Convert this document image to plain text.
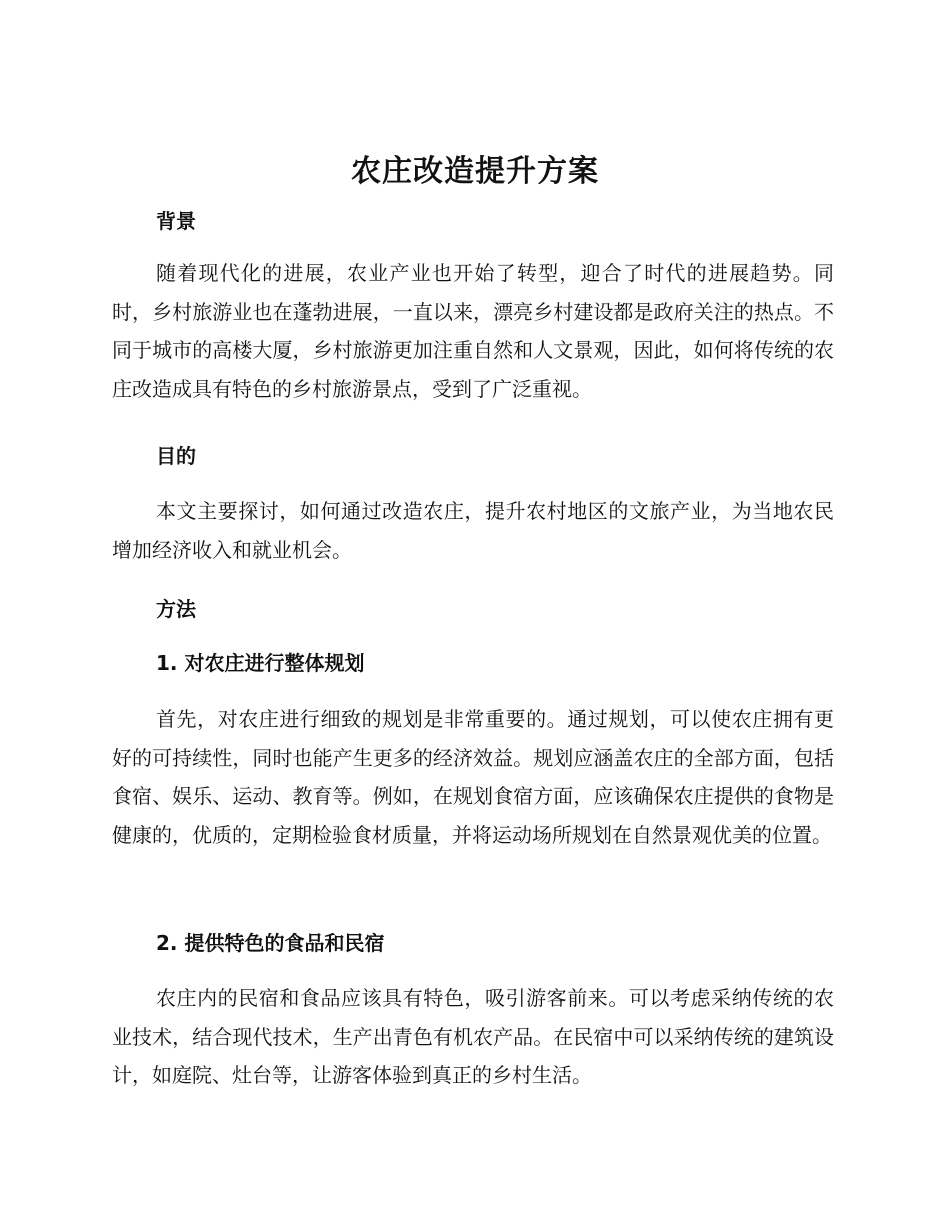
农庄改造提升方案
背景
随着现代化的进展，农业产业也开始了转型，迎合了时代的进展趋势。同时，乡村旅游业也在蓬勃进展，一直以来，漂亮乡村建设都是政府关注的热点。不同于城市的高楼大厦，乡村旅游更加注重自然和人文景观，因此，如何将传统的农庄改造成具有特色的乡村旅游景点，受到了广泛重视。
目的
本文主要探讨，如何通过改造农庄，提升农村地区的文旅产业，为当地农民增加经济收入和就业机会。
方法
1. 对农庄进行整体规划
首先，对农庄进行细致的规划是非常重要的。通过规划，可以使农庄拥有更好的可持续性，同时也能产生更多的经济效益。规划应涵盖农庄的全部方面，包括食宿、娱乐、运动、教育等。例如，在规划食宿方面，应该确保农庄提供的食物是健康的，优质的，定期检验食材质量，并将运动场所规划在自然景观优美的位置。
2. 提供特色的食品和民宿
农庄内的民宿和食品应该具有特色，吸引游客前来。可以考虑采纳传统的农业技术，结合现代技术，生产出青色有机农产品。在民宿中可以采纳传统的建筑设计，如庭院、灶台等，让游客体验到真正的乡村生活。
